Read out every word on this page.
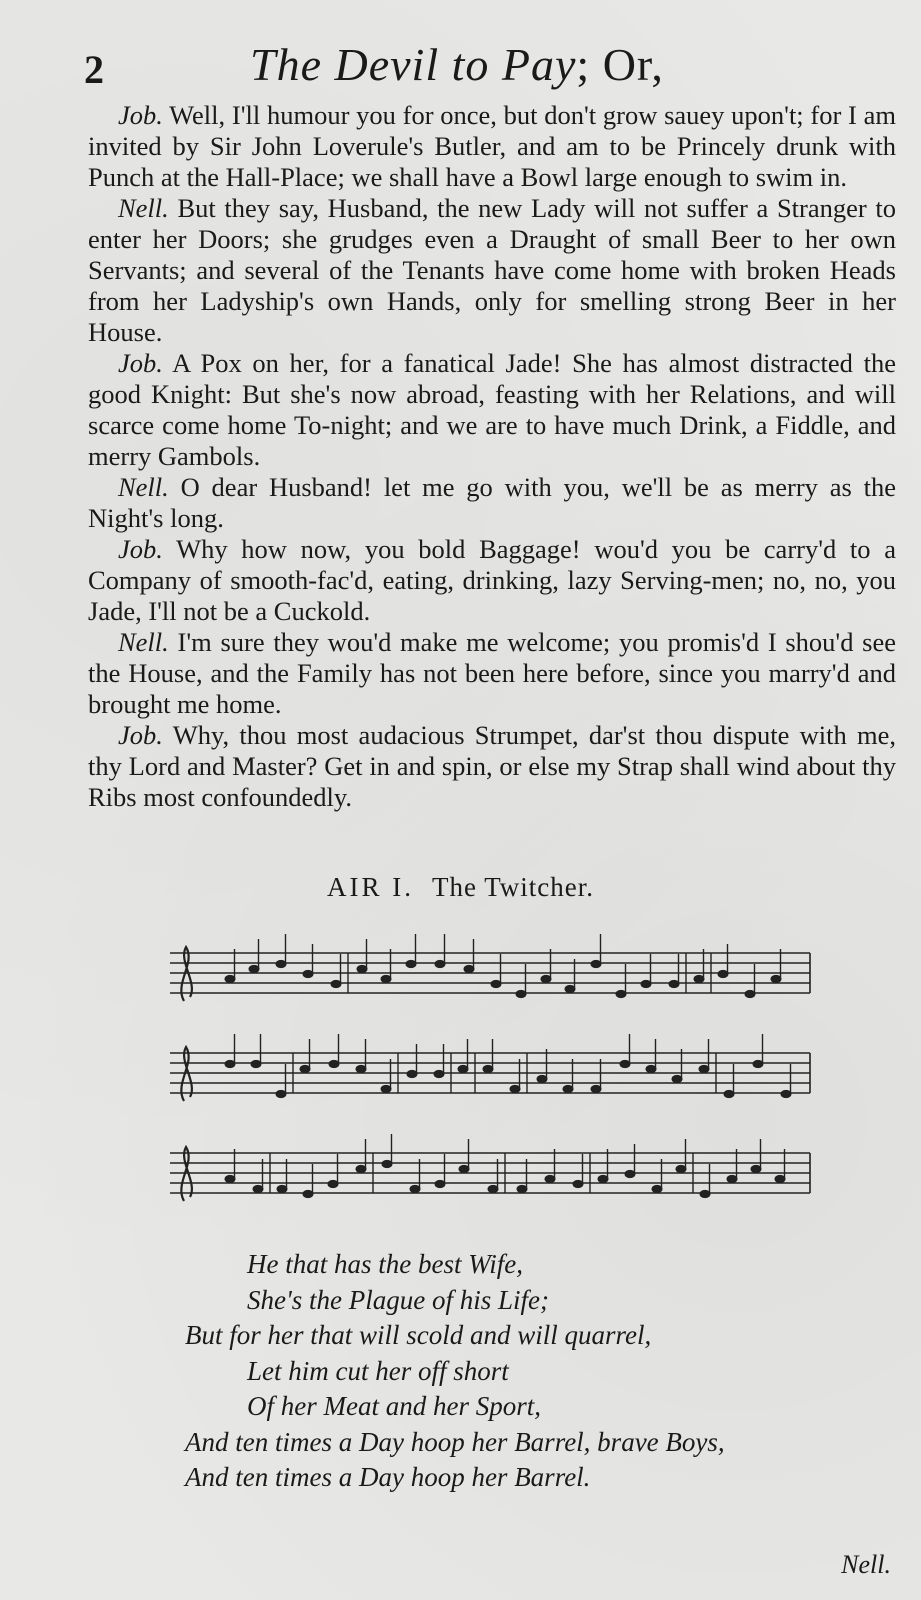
2	The Devil to Pay; Or,

Job. Well, I'll humour you for once, but don't grow sauey upon't; for I am invited by Sir John Loverule's Butler, and am to be Princely drunk with Punch at the Hall-Place; we shall have a Bowl large enough to swim in.

Nell. But they say, Husband, the new Lady will not suffer a Stranger to enter her Doors; she grudges even a Draught of small Beer to her own Servants; and several of the Tenants have come home with broken Heads from her Ladyship's own Hands, only for smelling strong Beer in her House.

Job. A Pox on her, for a fanatical Jade! She has almost distracted the good Knight: But she's now abroad, feasting with her Relations, and will scarce come home To-night; and we are to have much Drink, a Fiddle, and merry Gambols.

Nell. O dear Husband! let me go with you, we'll be as merry as the Night's long.

Job. Why how now, you bold Baggage! wou'd you be carry'd to a Company of smooth-fac'd, eating, drinking, lazy Serving-men; no, no, you Jade, I'll not be a Cuckold.

Nell. I'm sure they wou'd make me welcome; you promis'd I shou'd see the House, and the Family has not been here before, since you marry'd and brought me home.

Job. Why, thou most audacious Strumpet, dar'st thou dispute with me, thy Lord and Master? Get in and spin, or else my Strap shall wind about thy Ribs most confoundedly.

AIR I. The Twitcher.
He that has the best Wife,
She's the Plague of his Life;
But for her that will scold and will quarrel,
Let him cut her off short
Of her Meat and her Sport,
And ten times a Day hoop her Barrel, brave Boys,
And ten times a Day hoop her Barrel.
Nell.
